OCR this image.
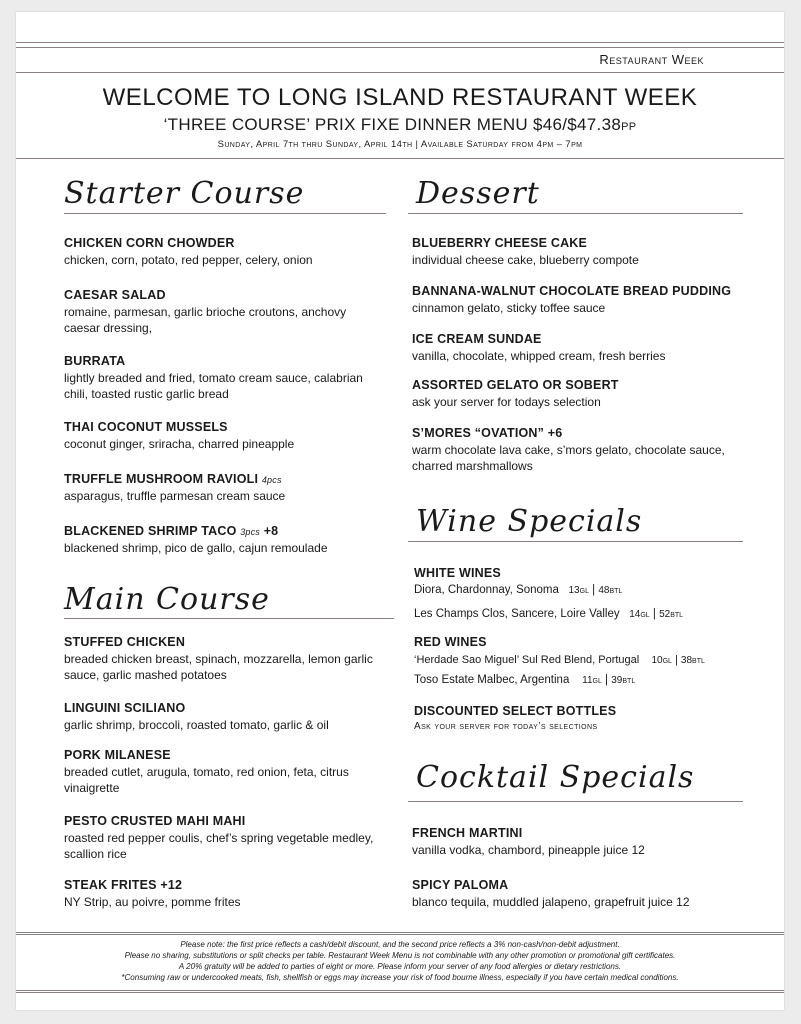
Restaurant Week
WELCOME TO LONG ISLAND RESTAURANT WEEK
‘THREE COURSE’ PRIX FIXE DINNER MENU $46/$47.38PP
Sunday, April 7th thru Sunday, April 14th | Available Saturday from 4pm – 7pm
Starter Course
CHICKEN CORN CHOWDER
chicken, corn, potato, red pepper, celery, onion
CAESAR SALAD
romaine, parmesan, garlic brioche croutons, anchovy caesar dressing,
BURRATA
lightly breaded and fried, tomato cream sauce, calabrian chili, toasted rustic garlic bread
THAI COCONUT MUSSELS
coconut ginger, sriracha, charred pineapple
TRUFFLE MUSHROOM RAVIOLI 4pcs
asparagus, truffle parmesan cream sauce
BLACKENED SHRIMP TACO 3pcs +8
blackened shrimp, pico de gallo, cajun remoulade
Main Course
STUFFED CHICKEN
breaded chicken breast, spinach, mozzarella, lemon garlic sauce, garlic mashed potatoes
LINGUINI SCILIANO
garlic shrimp, broccoli, roasted tomato, garlic & oil
PORK MILANESE
breaded cutlet, arugula, tomato, red onion, feta, citrus vinaigrette
PESTO CRUSTED MAHI MAHI
roasted red pepper coulis, chef’s spring vegetable medley, scallion rice
STEAK FRITES +12
NY Strip, au poivre, pomme frites
Dessert
BLUEBERRY CHEESE CAKE
individual cheese cake, blueberry compote
BANNANA-WALNUT CHOCOLATE BREAD PUDDING
cinnamon gelato, sticky toffee sauce
ICE CREAM SUNDAE
vanilla, chocolate, whipped cream, fresh berries
ASSORTED GELATO OR SOBERT
ask your server for todays selection
S’MORES “OVATION” +6
warm chocolate lava cake, s’mors gelato, chocolate sauce, charred marshmallows
Wine Specials
WHITE WINES
Diora, Chardonnay, Sonoma 13GL | 48BTL
Les Champs Clos, Sancere, Loire Valley 14GL | 52BTL
RED WINES
‘Herdade Sao Miguel’ Sul Red Blend, Portugal 10GL | 38BTL
Toso Estate Malbec, Argentina 11GL | 39BTL
DISCOUNTED SELECT BOTTLES
Ask your server for today’s selections
Cocktail Specials
FRENCH MARTINI
vanilla vodka, chambord, pineapple juice 12
SPICY PALOMA
blanco tequila, muddled jalapeno, grapefruit juice 12
Please note: the first price reflects a cash/debit discount, and the second price reflects a 3% non-cash/non-debit adjustment.
Please no sharing, substitutions or split checks per table. Restaurant Week Menu is not combinable with any other promotion or promotional gift certificates.
A 20% gratuity will be added to parties of eight or more. Please inform your server of any food allergies or dietary restrictions.
*Consuming raw or undercooked meats, fish, shellfish or eggs may increase your risk of food bourne illness, especially if you have certain medical conditions.
